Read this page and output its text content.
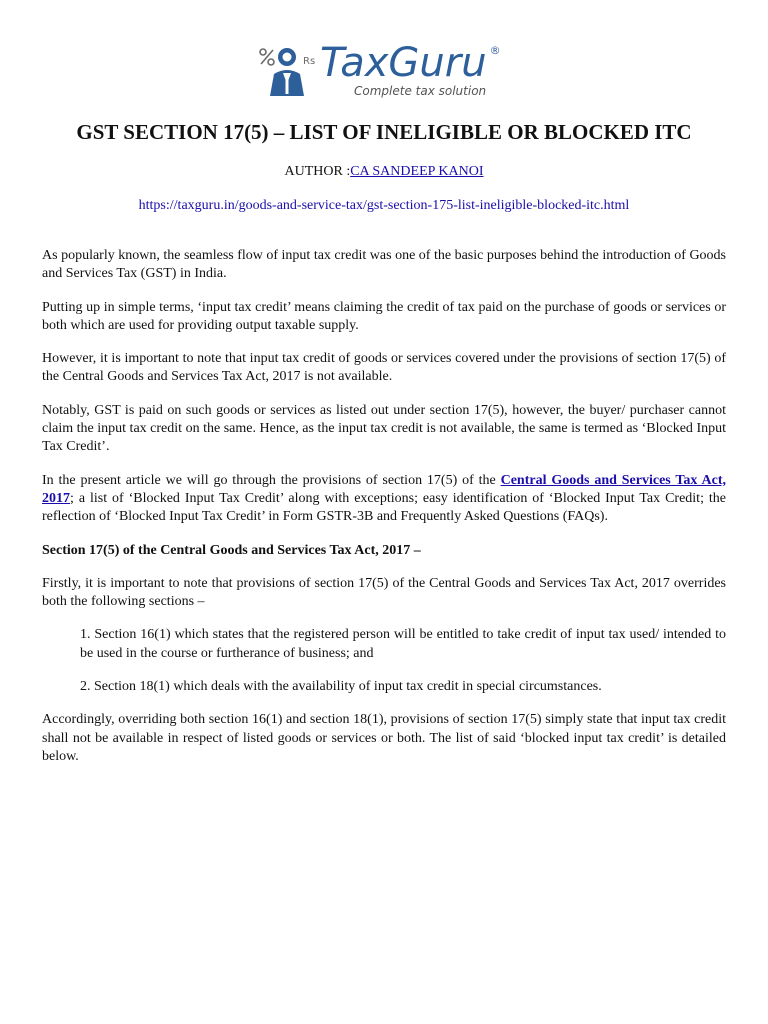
Rs TaxGuru ®
Complete tax solution
GST SECTION 17(5) – LIST OF INELIGIBLE OR BLOCKED ITC
AUTHOR :CA SANDEEP KANOI
https://taxguru.in/goods-and-service-tax/gst-section-175-list-ineligible-blocked-itc.html

As popularly known, the seamless flow of input tax credit was one of the basic purposes behind the introduction of Goods and Services Tax (GST) in India.

Putting up in simple terms, ‘input tax credit’ means claiming the credit of tax paid on the purchase of goods or services or both which are used for providing output taxable supply.

However, it is important to note that input tax credit of goods or services covered under the provisions of section 17(5) of the Central Goods and Services Tax Act, 2017 is not available.

Notably, GST is paid on such goods or services as listed out under section 17(5), however, the buyer/ purchaser cannot claim the input tax credit on the same. Hence, as the input tax credit is not available, the same is termed as ‘Blocked Input Tax Credit’.

In the present article we will go through the provisions of section 17(5) of the Central Goods and Services Tax Act, 2017; a list of ‘Blocked Input Tax Credit’ along with exceptions; easy identification of ‘Blocked Input Tax Credit; the reflection of ‘Blocked Input Tax Credit’ in Form GSTR-3B and Frequently Asked Questions (FAQs).

Section 17(5) of the Central Goods and Services Tax Act, 2017 –

Firstly, it is important to note that provisions of section 17(5) of the Central Goods and Services Tax Act, 2017 overrides both the following sections –

1. Section 16(1) which states that the registered person will be entitled to take credit of input tax used/ intended to be used in the course or furtherance of business; and
2. Section 18(1) which deals with the availability of input tax credit in special circumstances.

Accordingly, overriding both section 16(1) and section 18(1), provisions of section 17(5) simply state that input tax credit shall not be available in respect of listed goods or services or both. The list of said ‘blocked input tax credit’ is detailed below.
